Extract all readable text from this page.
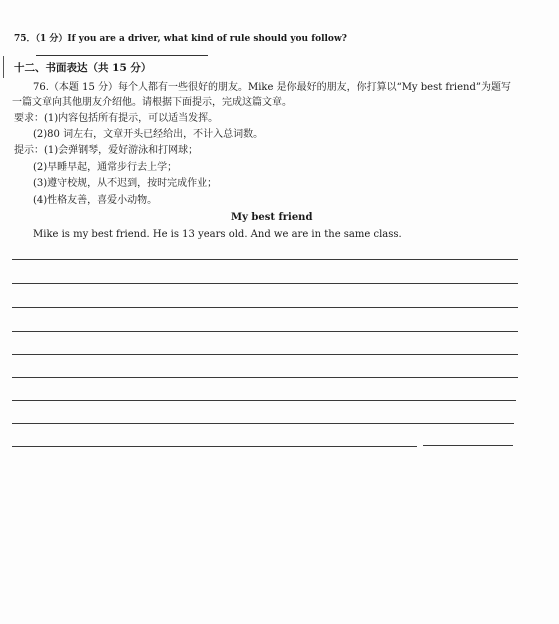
75．（1 分）If you are a driver, what kind of rule should you follow?
十二、书面表达（共 15 分）
76.（本题 15 分）每个人都有一些很好的朋友。Mike 是你最好的朋友，你打算以“My best friend”为题写
一篇文章向其他朋友介绍他。请根据下面提示，完成这篇文章。
要求：(1)内容包括所有提示，可以适当发挥。
(2)80 词左右，文章开头已经给出，不计入总词数。
提示：(1)会弹钢琴，爱好游泳和打网球；
(2)早睡早起，通常步行去上学；
(3)遵守校规，从不迟到，按时完成作业；
(4)性格友善，喜爱小动物。
My best friend
Mike is my best friend. He is 13 years old. And we are in the same class.
